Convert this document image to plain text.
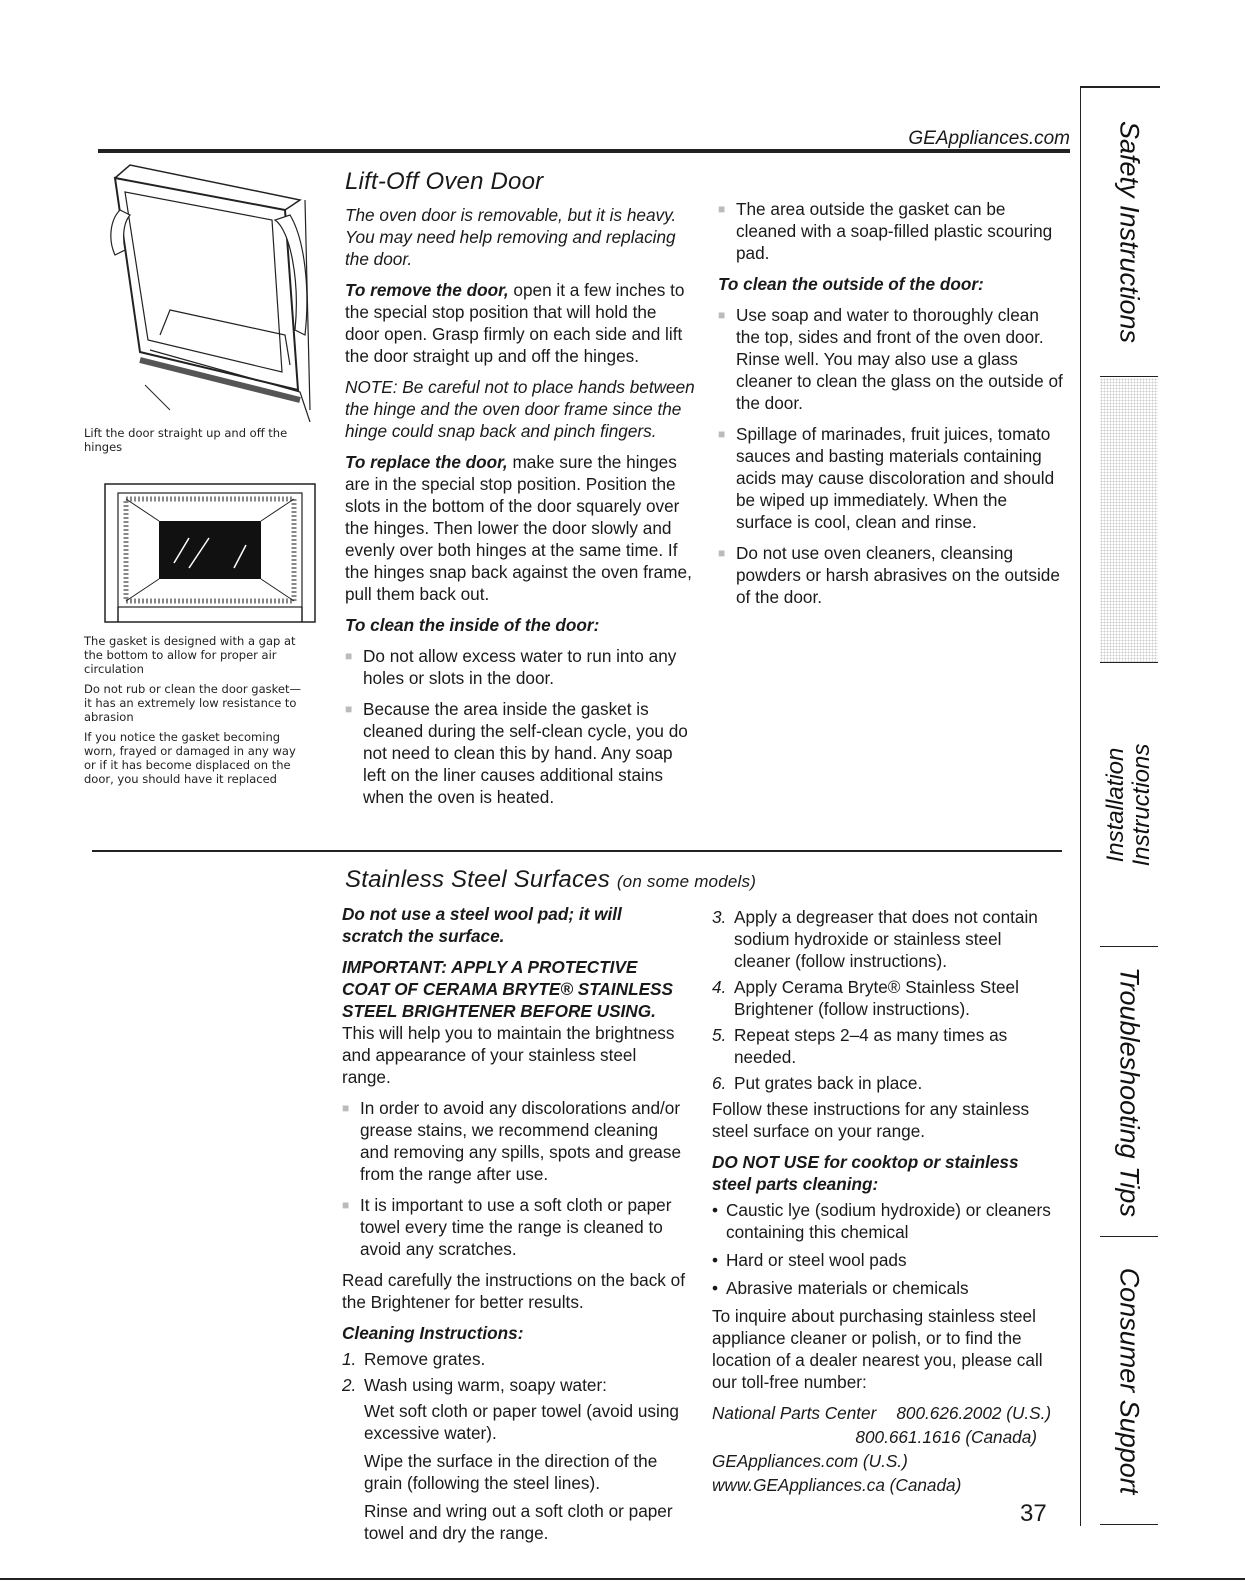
GEAppliances.com

Lift the door straight up and off the hinges

The gasket is designed with a gap at the bottom to allow for proper air circulation

Do not rub or clean the door gasket— it has an extremely low resistance to abrasion

If you notice the gasket becoming worn, frayed or damaged in any way or if it has become displaced on the door, you should have it replaced

Lift-Off Oven Door

The oven door is removable, but it is heavy. You may need help removing and replacing the door.

To remove the door, open it a few inches to the special stop position that will hold the door open. Grasp firmly on each side and lift the door straight up and off the hinges.

NOTE: Be careful not to place hands between the hinge and the oven door frame since the hinge could snap back and pinch fingers.

To replace the door, make sure the hinges are in the special stop position. Position the slots in the bottom of the door squarely over the hinges. Then lower the door slowly and evenly over both hinges at the same time. If the hinges snap back against the oven frame, pull them back out.

To clean the inside of the door:

■ Do not allow excess water to run into any holes or slots in the door.
■ Because the area inside the gasket is cleaned during the self-clean cycle, you do not need to clean this by hand. Any soap left on the liner causes additional stains when the oven is heated.
■ The area outside the gasket can be cleaned with a soap-filled plastic scouring pad.

To clean the outside of the door:

■ Use soap and water to thoroughly clean the top, sides and front of the oven door. Rinse well. You may also use a glass cleaner to clean the glass on the outside of the door.
■ Spillage of marinades, fruit juices, tomato sauces and basting materials containing acids may cause discoloration and should be wiped up immediately. When the surface is cool, clean and rinse.
■ Do not use oven cleaners, cleansing powders or harsh abrasives on the outside of the door.
Stainless Steel Surfaces (on some models)

Do not use a steel wool pad; it will scratch the surface.

IMPORTANT: APPLY A PROTECTIVE COAT OF CERAMA BRYTE® STAINLESS STEEL BRIGHTENER BEFORE USING. This will help you to maintain the brightness and appearance of your stainless steel range.

■ In order to avoid any discolorations and/or grease stains, we recommend cleaning and removing any spills, spots and grease from the range after use.
■ It is important to use a soft cloth or paper towel every time the range is cleaned to avoid any scratches.

Read carefully the instructions on the back of the Brightener for better results.

Cleaning Instructions:

1. Remove grates.
2. Wash using warm, soapy water:

Wet soft cloth or paper towel (avoid using excessive water).

Wipe the surface in the direction of the grain (following the steel lines).

Rinse and wring out a soft cloth or paper towel and dry the range.

3. Apply a degreaser that does not contain sodium hydroxide or stainless steel cleaner (follow instructions).
4. Apply Cerama Bryte® Stainless Steel Brightener (follow instructions).
5. Repeat steps 2–4 as many times as needed.
6. Put grates back in place.

Follow these instructions for any stainless steel surface on your range.

DO NOT USE for cooktop or stainless steel parts cleaning:

• Caustic lye (sodium hydroxide) or cleaners containing this chemical
• Hard or steel wool pads
• Abrasive materials or chemicals

To inquire about purchasing stainless steel appliance cleaner or polish, or to find the location of a dealer nearest you, please call our toll-free number:

National Parts Center 800.626.2002 (U.S.)
800.661.1616 (Canada)
GEAppliances.com (U.S.)
www.GEAppliances.ca (Canada)
37
Safety Instructions
Installation
Instructions
Troubleshooting Tips
Consumer Support
